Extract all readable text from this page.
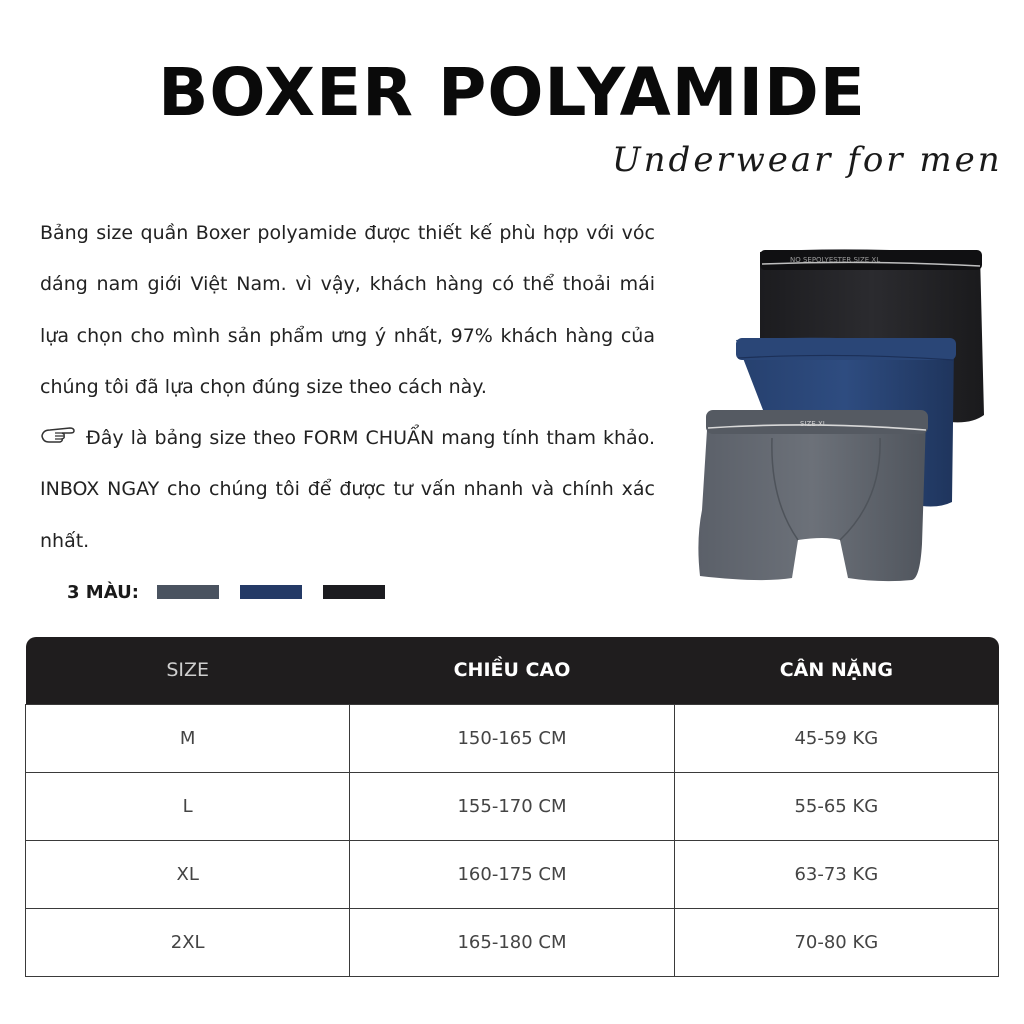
BOXER POLYAMIDE
Underwear for men

Bảng size quần Boxer polyamide được thiết kế phù hợp với vóc dáng nam giới Việt Nam. vì vậy, khách hàng có thể thoải mái lựa chọn cho mình sản phẩm ưng ý nhất, 97% khách hàng của chúng tôi đã lựa chọn đúng size theo cách này.

Đây là bảng size theo FORM CHUẨN mang tính tham khảo. INBOX NGAY cho chúng tôi để được tư vấn nhanh và chính xác nhất.

3 MÀU:
NO SEPOLYESTER SIZE XL
SIZE XL
SIZE	CHIỀU CAO	CÂN NẶNG
M	150-165 CM	45-59 KG
L	155-170 CM	55-65 KG
XL	160-175 CM	63-73 KG
2XL	165-180 CM	70-80 KG
